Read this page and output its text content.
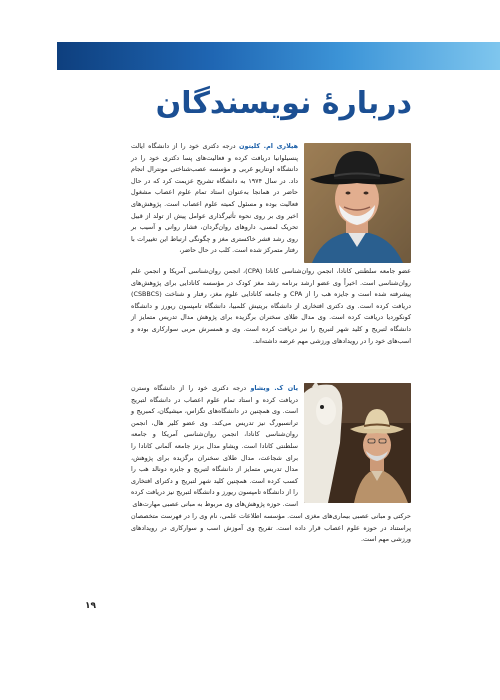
دربارهٔ نویسندگان

هیلاری ام. کلیتون درجه دکتری خود را از دانشگاه ایالت پنسیلوانیا دریافت کرده و فعالیت‌های پسا دکتری خود را در دانشگاه اونتاریو غربی و مؤسسه عصب‌شناختی مونترال انجام داد. در سال ۱۹۷۴ به دانشگاه تشریح عزیمت کرد که در حال حاضر در همانجا به‌عنوان استاد تمام علوم اعصاب مشغول فعالیت بوده و مسئول کمیته علوم اعصاب است. پژوهش‌های اخیر وی بر روی نحوه تأثیرگذاری عوامل پیش از تولد از قبیل تحریک لمسی، داروهای روان‌گردان، فشار روانی و آسیب بر روی رشد قشر خاکستری مغز و چگونگی ارتباط این تغییرات با رفتار متمرکز شده است. کلب در حال حاضر،

عضو جامعه سلطنتی کانادا، انجمن روان‌شناسی کانادا (CPA)، انجمن روان‌شناسی آمریکا و انجمن علم روان‌شناسی است. اخیراً وی عضو ارشد برنامه رشد مغز کودک در مؤسسه کانادایی برای پژوهش‌های پیشرفته شده است و جایزه هب را از CPA و جامعه کانادایی علوم مغز، رفتار و شناخت (CSBBCS) دریافت کرده است. وی دکتری افتخاری از دانشگاه بریتیش کلمبیا، دانشگاه تامپسون ریورز و دانشگاه کونکوردیا دریافت کرده است. وی مدال طلای سخنران برگزیده برای پژوهش مدال تدریس متمایز از دانشگاه لتبریج و کلید شهر لتبریج را نیز دریافت کرده است. وی و همسرش مربی سوارکاری بوده و اسب‌های خود را در رویدادهای ورزشی مهم عرضه داشته‌اند.

یان ک. ویشاو درجه دکتری خود را از دانشگاه وسترن دریافت کرده و استاد تمام علوم اعصاب در دانشگاه لتبریج است. وی همچنین در دانشگاه‌های تگزاس، میشیگان، کمبریج و ترانسبورگ نیز تدریس می‌کند. وی عضو کلیر هال، انجمن روان‌شناسی کانادا، انجمن روان‌شناسی آمریکا و جامعه سلطنتی کانادا است. ویشاو مدال برنز جامعه آلمانی کانادا را برای شجاعت، مدال طلای سخنران برگزیده برای پژوهش، مدال تدریس متمایز از دانشگاه لتبریج و جایزه دونالد هب را کسب کرده است. همچنین کلید شهر لتبریج و دکترای افتخاری را از دانشگاه تامپسون ریورز و دانشگاه لتبریج نیز دریافت کرده است. حوزه پژوهش‌های وی مربوط به مبانی عصبی مهارت‌های

حرکتی و مبانی عصبی بیماری‌های مغزی است. مؤسسه اطلاعات علمی، نام وی را در فهرست متخصصان پراستناد در حوزه علوم اعصاب قرار داده است. تفریح وی آموزش اسب و سوارکاری در رویدادهای ورزشی مهم است.

۱۹
